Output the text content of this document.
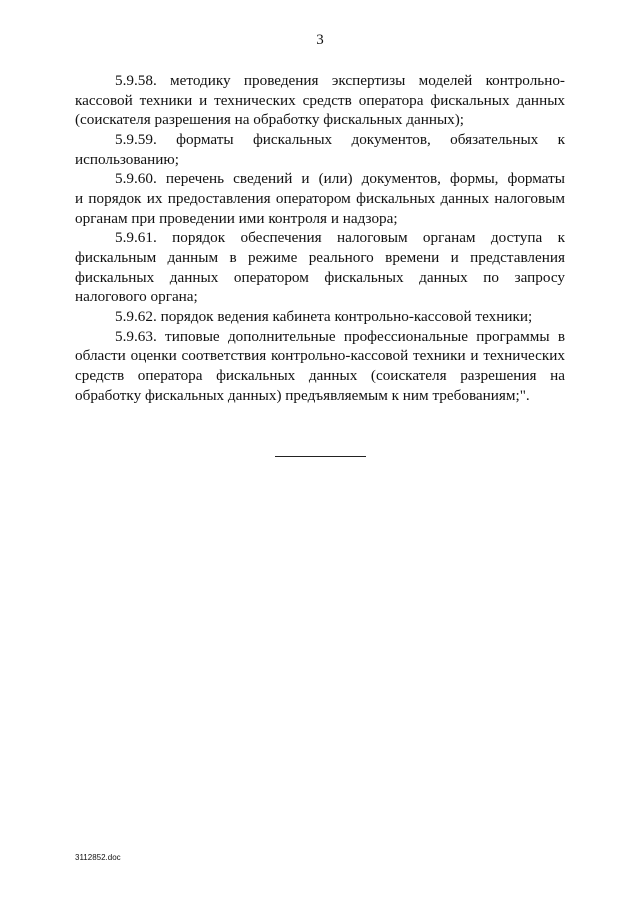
3
5.9.58. методику проведения экспертизы моделей контрольно-
кассовой техники и технических средств оператора фискальных данных
(соискателя разрешения на обработку фискальных данных);
5.9.59. форматы фискальных документов, обязательных к
использованию;
5.9.60. перечень сведений и (или) документов, формы, форматы
и порядок их предоставления оператором фискальных данных налоговым
органам при проведении ими контроля и надзора;
5.9.61. порядок обеспечения налоговым органам доступа к
фискальным данным в режиме реального времени и представления
фискальных данных оператором фискальных данных по запросу
налогового органа;
5.9.62. порядок ведения кабинета контрольно-кассовой техники;
5.9.63. типовые дополнительные профессиональные программы в
области оценки соответствия контрольно-кассовой техники и технических
средств оператора фискальных данных (соискателя разрешения на
обработку фискальных данных) предъявляемым к ним требованиям;".
3112852.doc
